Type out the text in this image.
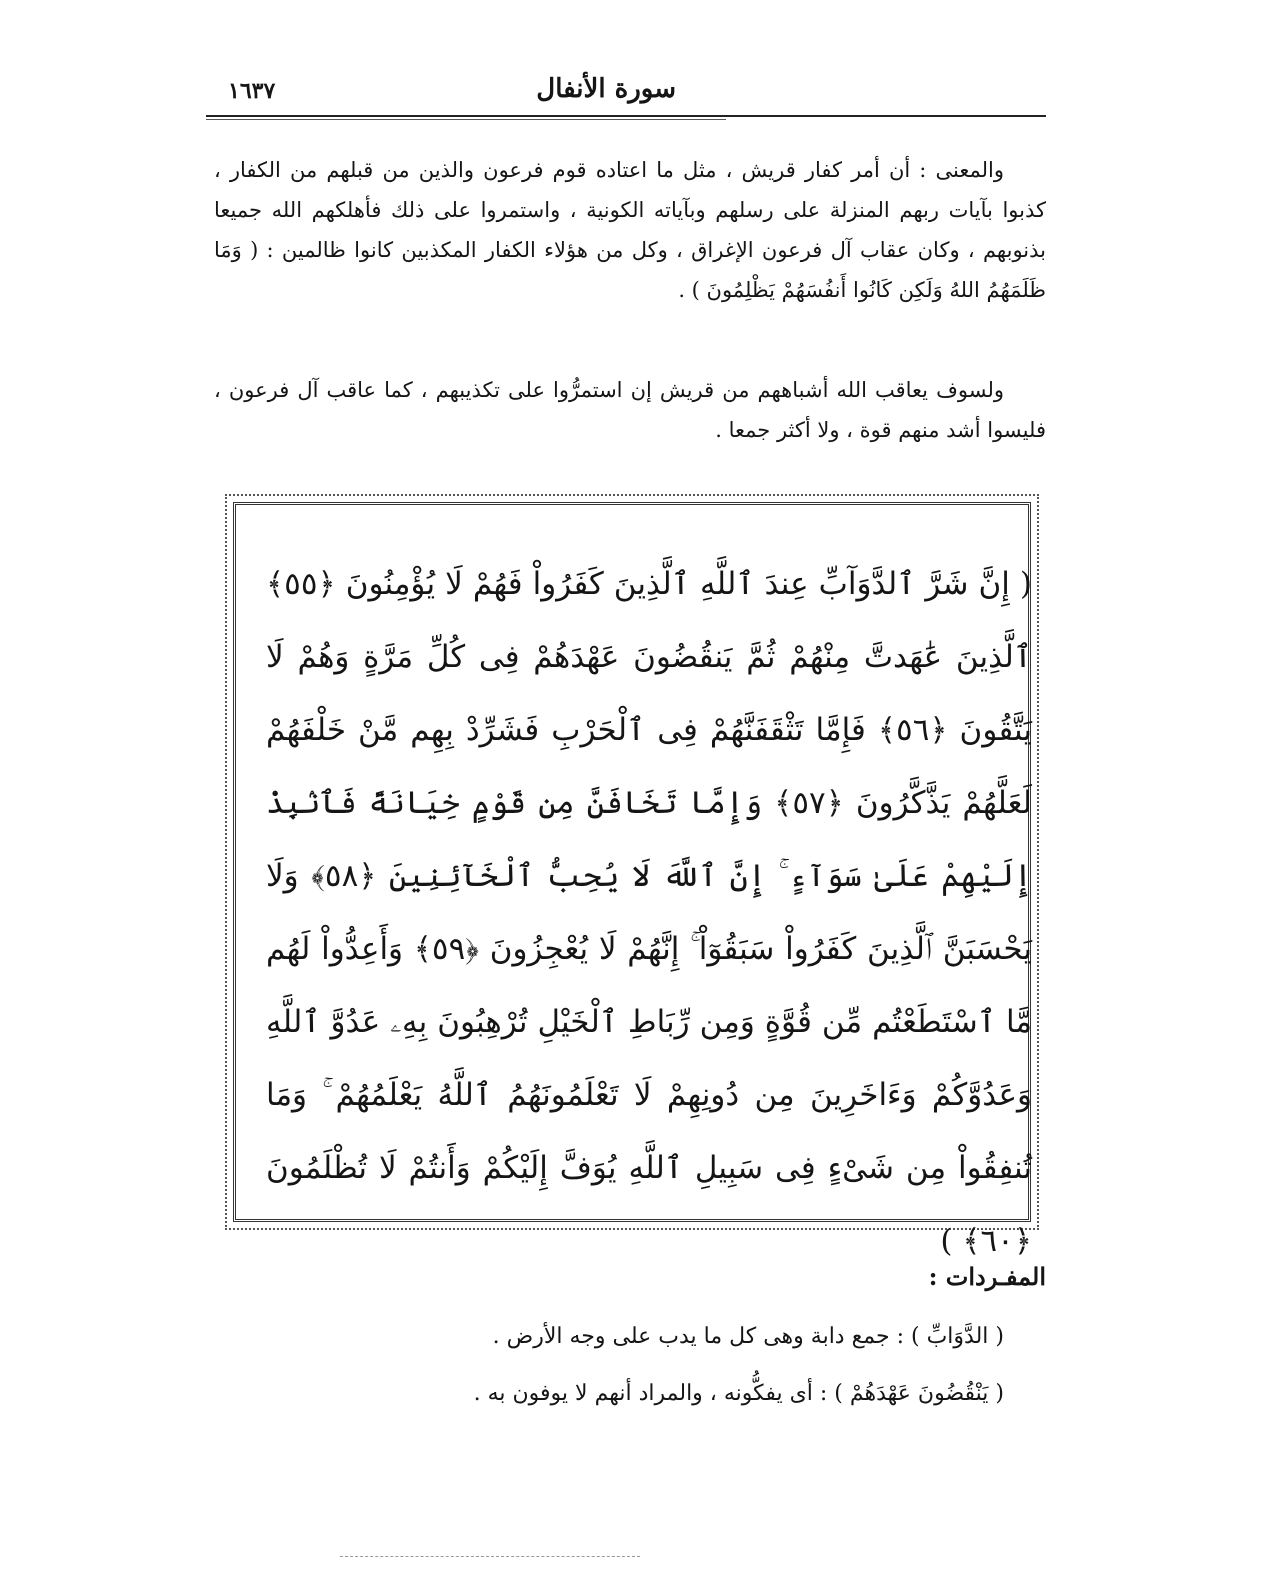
سورة الأنفال
١٦٣٧

والمعنى : أن أمر كفار قريش ، مثل ما اعتاده قوم فرعون والذين من قبلهم من الكفار ، كذبوا بآيات ربهم المنزلة على رسلهم وبآياته الكونية ، واستمروا على ذلك فأهلكهم الله جميعا بذنوبهم ، وكان عقاب آل فرعون الإغراق ، وكل من هؤلاء الكفار المكذبين كانوا ظالمين : ( وَمَا ظَلَمَهُمُ اللهُ وَلَكِن كَانُوا أَنفُسَهُمْ يَظْلِمُونَ ) .

ولسوف يعاقب الله أشباههم من قريش إن استمرُّوا على تكذيبهم ، كما عاقب آل فرعون ، فليسوا أشد منهم قوة ، ولا أكثر جمعا .

( إِنَّ شَرَّ ٱلدَّوَآبِّ عِندَ ٱللَّهِ ٱلَّذِينَ كَفَرُواْ فَهُمْ لَا يُؤْمِنُونَ ﴿٥٥﴾ ٱلَّذِينَ عَٰهَدتَّ مِنْهُمْ ثُمَّ يَنقُضُونَ عَهْدَهُمْ فِى كُلِّ مَرَّةٍ وَهُمْ لَا يَتَّقُونَ ﴿٥٦﴾ فَإِمَّا تَثْقَفَنَّهُمْ فِى ٱلْحَرْبِ فَشَرِّدْ بِهِم مَّنْ خَلْفَهُمْ لَعَلَّهُمْ يَذَّكَّرُونَ ﴿٥٧﴾ وَإِمَّا تَخَافَنَّ مِن قَوْمٍ خِيَانَةً فَٱنۢبِذْ إِلَيْهِمْ عَلَىٰ سَوَآءٍ ۚ إِنَّ ٱللَّهَ لَا يُحِبُّ ٱلْخَآئِنِينَ ﴿٥٨﴾ وَلَا يَحْسَبَنَّ ٱلَّذِينَ كَفَرُواْ سَبَقُوٓاْ ۚ إِنَّهُمْ لَا يُعْجِزُونَ ﴿٥٩﴾ وَأَعِدُّواْ لَهُم مَّا ٱسْتَطَعْتُم مِّن قُوَّةٍ وَمِن رِّبَاطِ ٱلْخَيْلِ تُرْهِبُونَ بِهِۦ عَدُوَّ ٱللَّهِ وَعَدُوَّكُمْ وَءَاخَرِينَ مِن دُونِهِمْ لَا تَعْلَمُونَهُمُ ٱللَّهُ يَعْلَمُهُمْ ۚ وَمَا تُنفِقُواْ مِن شَىْءٍ فِى سَبِيلِ ٱللَّهِ يُوَفَّ إِلَيْكُمْ وَأَنتُمْ لَا تُظْلَمُونَ ﴿٦٠﴾ )

المفـردات :
( الدَّوَابِّ ) : جمع دابة وهى كل ما يدب على وجه الأرض .
( يَنْقُضُونَ عَهْدَهُمْ ) : أى يفكُّونه ، والمراد أنهم لا يوفون به .
